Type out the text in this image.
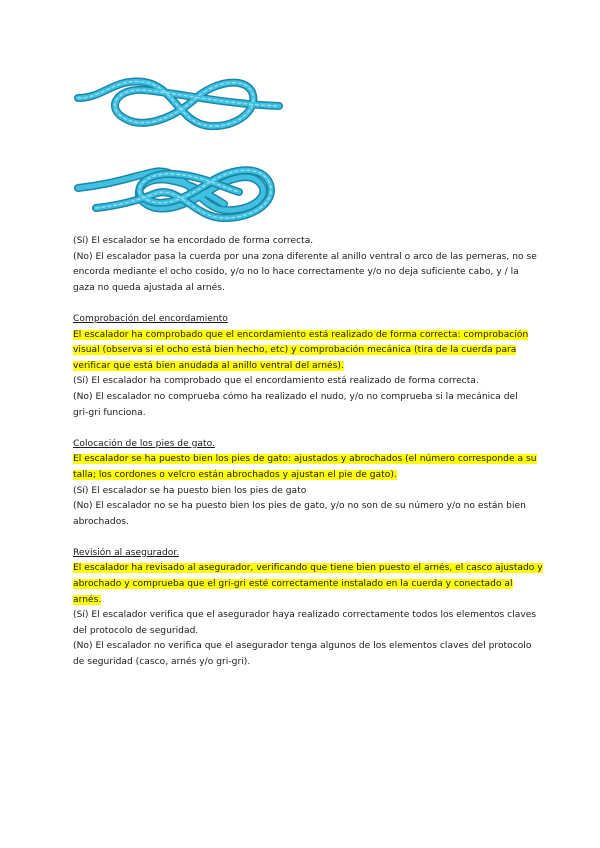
(Sí) El escalador se ha encordado de forma correcta.
(No) El escalador pasa la cuerda por una zona diferente al anillo ventral o arco de las perneras, no se
encorda mediante el ocho cosido, y/o no lo hace correctamente y/o no deja suficiente cabo, y / la
gaza no queda ajustada al arnés.
Comprobación del encordamiento
El escalador ha comprobado que el encordamiento está realizado de forma correcta: comprobación
visual (observa si el ocho está bien hecho, etc) y comprobación mecánica (tira de la cuerda para
verificar que está bien anudada al anillo ventral del arnés).
(Sí) El escalador ha comprobado que el encordamiento está realizado de forma correcta.
(No) El escalador no comprueba cómo ha realizado el nudo, y/o no comprueba si la mecánica del
gri-gri funciona.
Colocación de los pies de gato.
El escalador se ha puesto bien los pies de gato: ajustados y abrochados (el número corresponde a su
talla; los cordones o velcro están abrochados y ajustan el pie de gato).
(Sí) El escalador se ha puesto bien los pies de gato
(No) El escalador no se ha puesto bien los pies de gato, y/o no son de su número y/o no están bien
abrochados.
Revisión al asegurador.
El escalador ha revisado al asegurador, verificando que tiene bien puesto el arnés, el casco ajustado y
abrochado y comprueba que el gri-gri esté correctamente instalado en la cuerda y conectado al
arnés.
(Sí) El escalador verifica que el asegurador haya realizado correctamente todos los elementos claves
del protocolo de seguridad.
(No) El escalador no verifica que el asegurador tenga algunos de los elementos claves del protocolo
de seguridad (casco, arnés y/o gri-gri).
